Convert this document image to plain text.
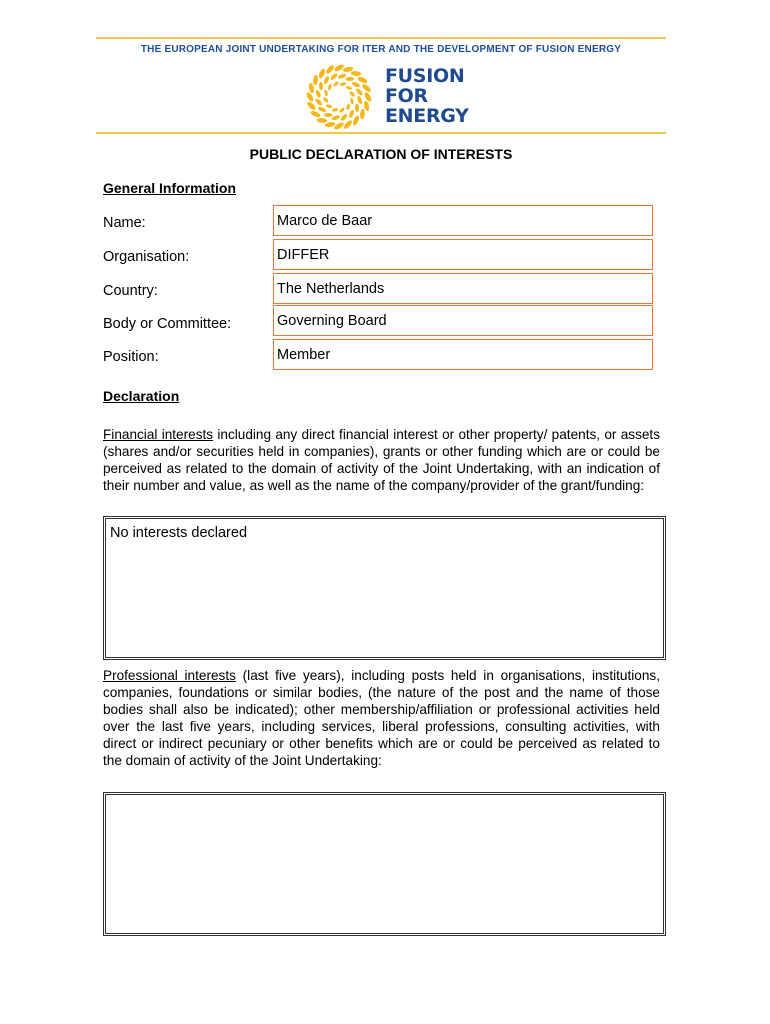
THE EUROPEAN JOINT UNDERTAKING FOR ITER AND THE DEVELOPMENT OF FUSION ENERGY
FUSION
FOR
ENERGY
PUBLIC DECLARATION OF INTERESTS
General Information
Name:	Marco de Baar
Organisation:	DIFFER
Country:	The Netherlands
Body or Committee:	Governing Board
Position:	Member
Declaration
Financial interests including any direct financial interest or other property/ patents, or assets (shares and/or securities held in companies), grants or other funding which are or could be perceived as related to the domain of activity of the Joint Undertaking, with an indication of their number and value, as well as the name of the company/provider of the grant/funding:
No interests declared
Professional interests (last five years), including posts held in organisations, institutions, companies, foundations or similar bodies, (the nature of the post and the name of those bodies shall also be indicated); other membership/affiliation or professional activities held over the last five years, including services, liberal professions, consulting activities, with direct or indirect pecuniary or other benefits which are or could be perceived as related to the domain of activity of the Joint Undertaking:
